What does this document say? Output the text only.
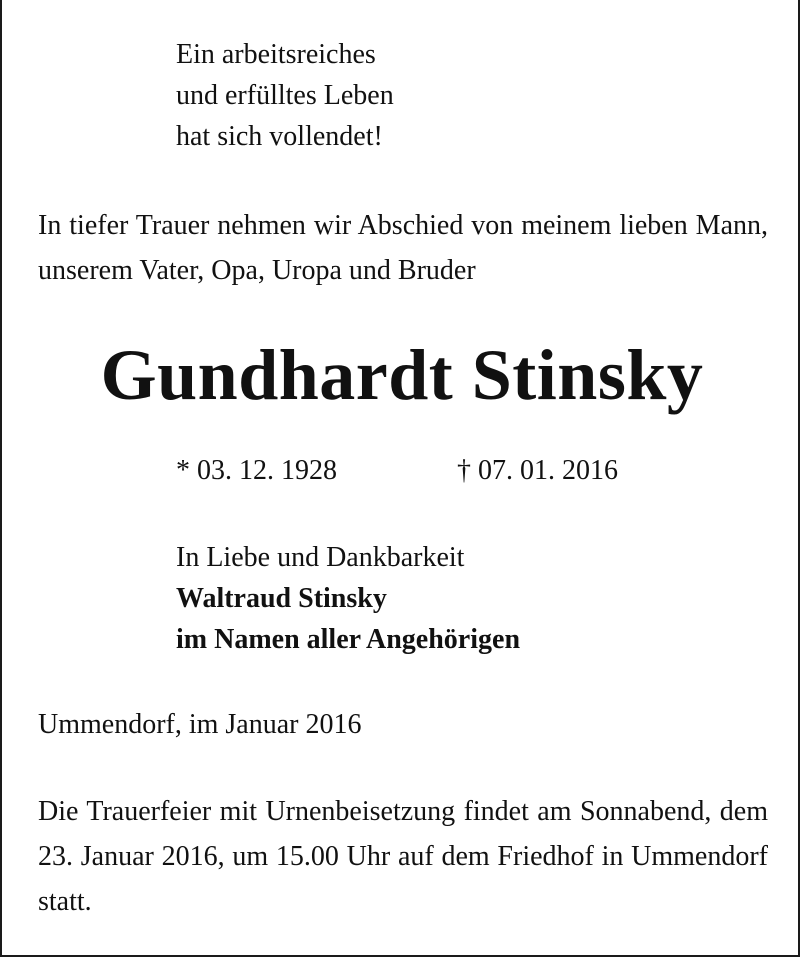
Ein arbeitsreiches
und erfülltes Leben
hat sich vollendet!
In tiefer Trauer nehmen wir Abschied von meinem lieben Mann, unserem Vater, Opa, Uropa und Bruder
Gundhardt Stinsky
* 03. 12. 1928	† 07. 01. 2016
In Liebe und Dankbarkeit
Waltraud Stinsky
im Namen aller Angehörigen
Ummendorf, im Januar 2016
Die Trauerfeier mit Urnenbeisetzung findet am Sonnabend, dem 23. Januar 2016, um 15.00 Uhr auf dem Friedhof in Ummendorf statt.
